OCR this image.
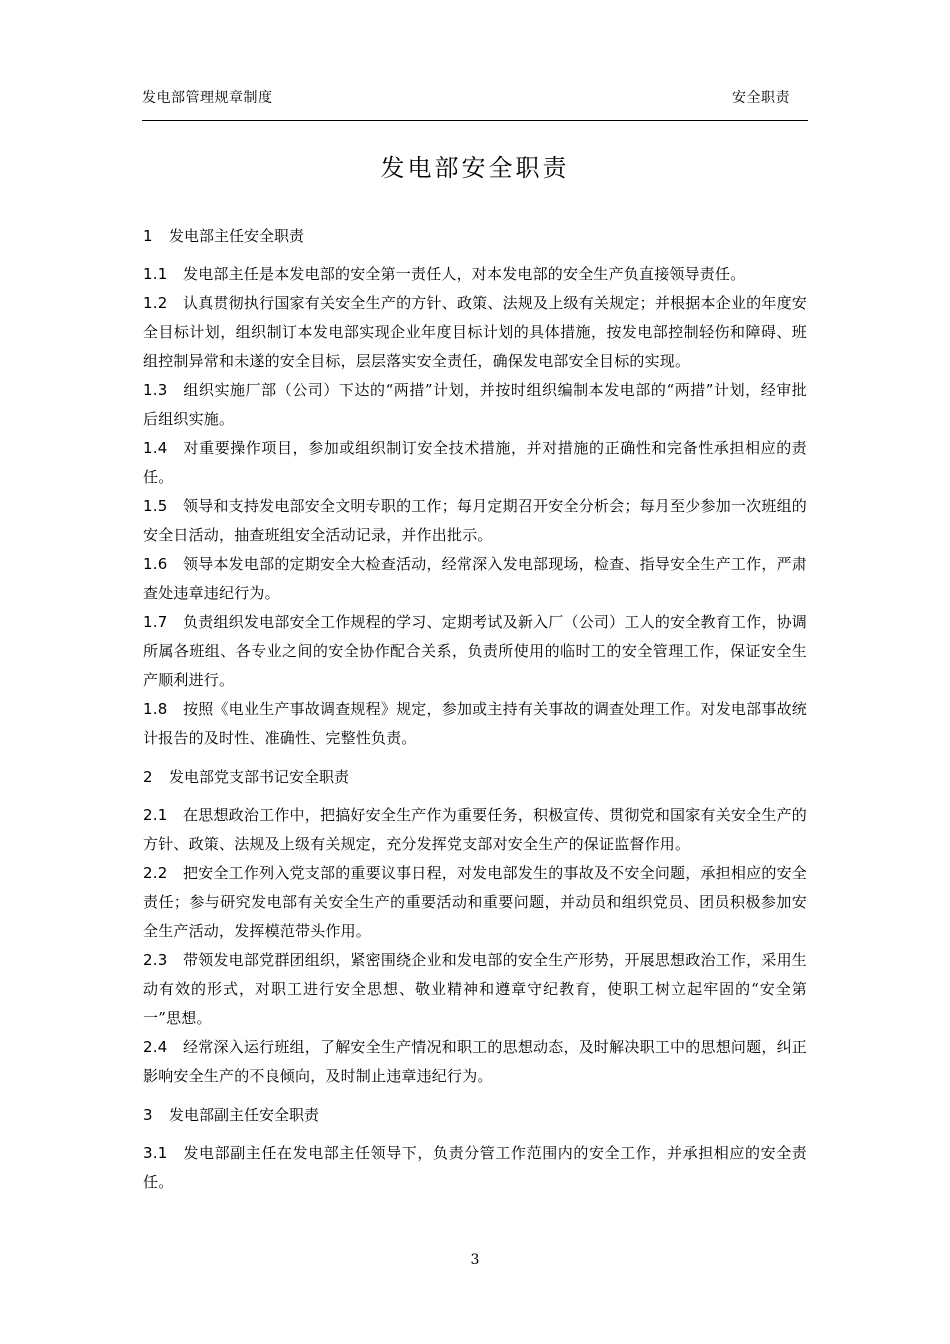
发电部管理规章制度	安全职责
发电部安全职责
1 发电部主任安全职责

1.1 发电部主任是本发电部的安全第一责任人，对本发电部的安全生产负直接领导责任。

1.2 认真贯彻执行国家有关安全生产的方针、政策、法规及上级有关规定；并根据本企业的年度安全目标计划，组织制订本发电部实现企业年度目标计划的具体措施，按发电部控制轻伤和障碍、班组控制异常和未遂的安全目标，层层落实安全责任，确保发电部安全目标的实现。

1.3 组织实施厂部（公司）下达的“两措”计划，并按时组织编制本发电部的“两措”计划，经审批后组织实施。

1.4 对重要操作项目，参加或组织制订安全技术措施，并对措施的正确性和完备性承担相应的责任。

1.5 领导和支持发电部安全文明专职的工作；每月定期召开安全分析会；每月至少参加一次班组的安全日活动，抽查班组安全活动记录，并作出批示。

1.6 领导本发电部的定期安全大检查活动，经常深入发电部现场，检查、指导安全生产工作，严肃查处违章违纪行为。

1.7 负责组织发电部安全工作规程的学习、定期考试及新入厂（公司）工人的安全教育工作，协调所属各班组、各专业之间的安全协作配合关系，负责所使用的临时工的安全管理工作，保证安全生产顺利进行。

1.8 按照《电业生产事故调查规程》规定，参加或主持有关事故的调查处理工作。对发电部事故统计报告的及时性、准确性、完整性负责。

2 发电部党支部书记安全职责

2.1 在思想政治工作中，把搞好安全生产作为重要任务，积极宣传、贯彻党和国家有关安全生产的方针、政策、法规及上级有关规定，充分发挥党支部对安全生产的保证监督作用。

2.2 把安全工作列入党支部的重要议事日程，对发电部发生的事故及不安全问题，承担相应的安全责任；参与研究发电部有关安全生产的重要活动和重要问题，并动员和组织党员、团员积极参加安全生产活动，发挥模范带头作用。

2.3 带领发电部党群团组织，紧密围绕企业和发电部的安全生产形势，开展思想政治工作，采用生动有效的形式，对职工进行安全思想、敬业精神和遵章守纪教育，使职工树立起牢固的“安全第一”思想。

2.4 经常深入运行班组，了解安全生产情况和职工的思想动态，及时解决职工中的思想问题，纠正影响安全生产的不良倾向，及时制止违章违纪行为。

3 发电部副主任安全职责

3.1 发电部副主任在发电部主任领导下，负责分管工作范围内的安全工作，并承担相应的安全责任。

3
